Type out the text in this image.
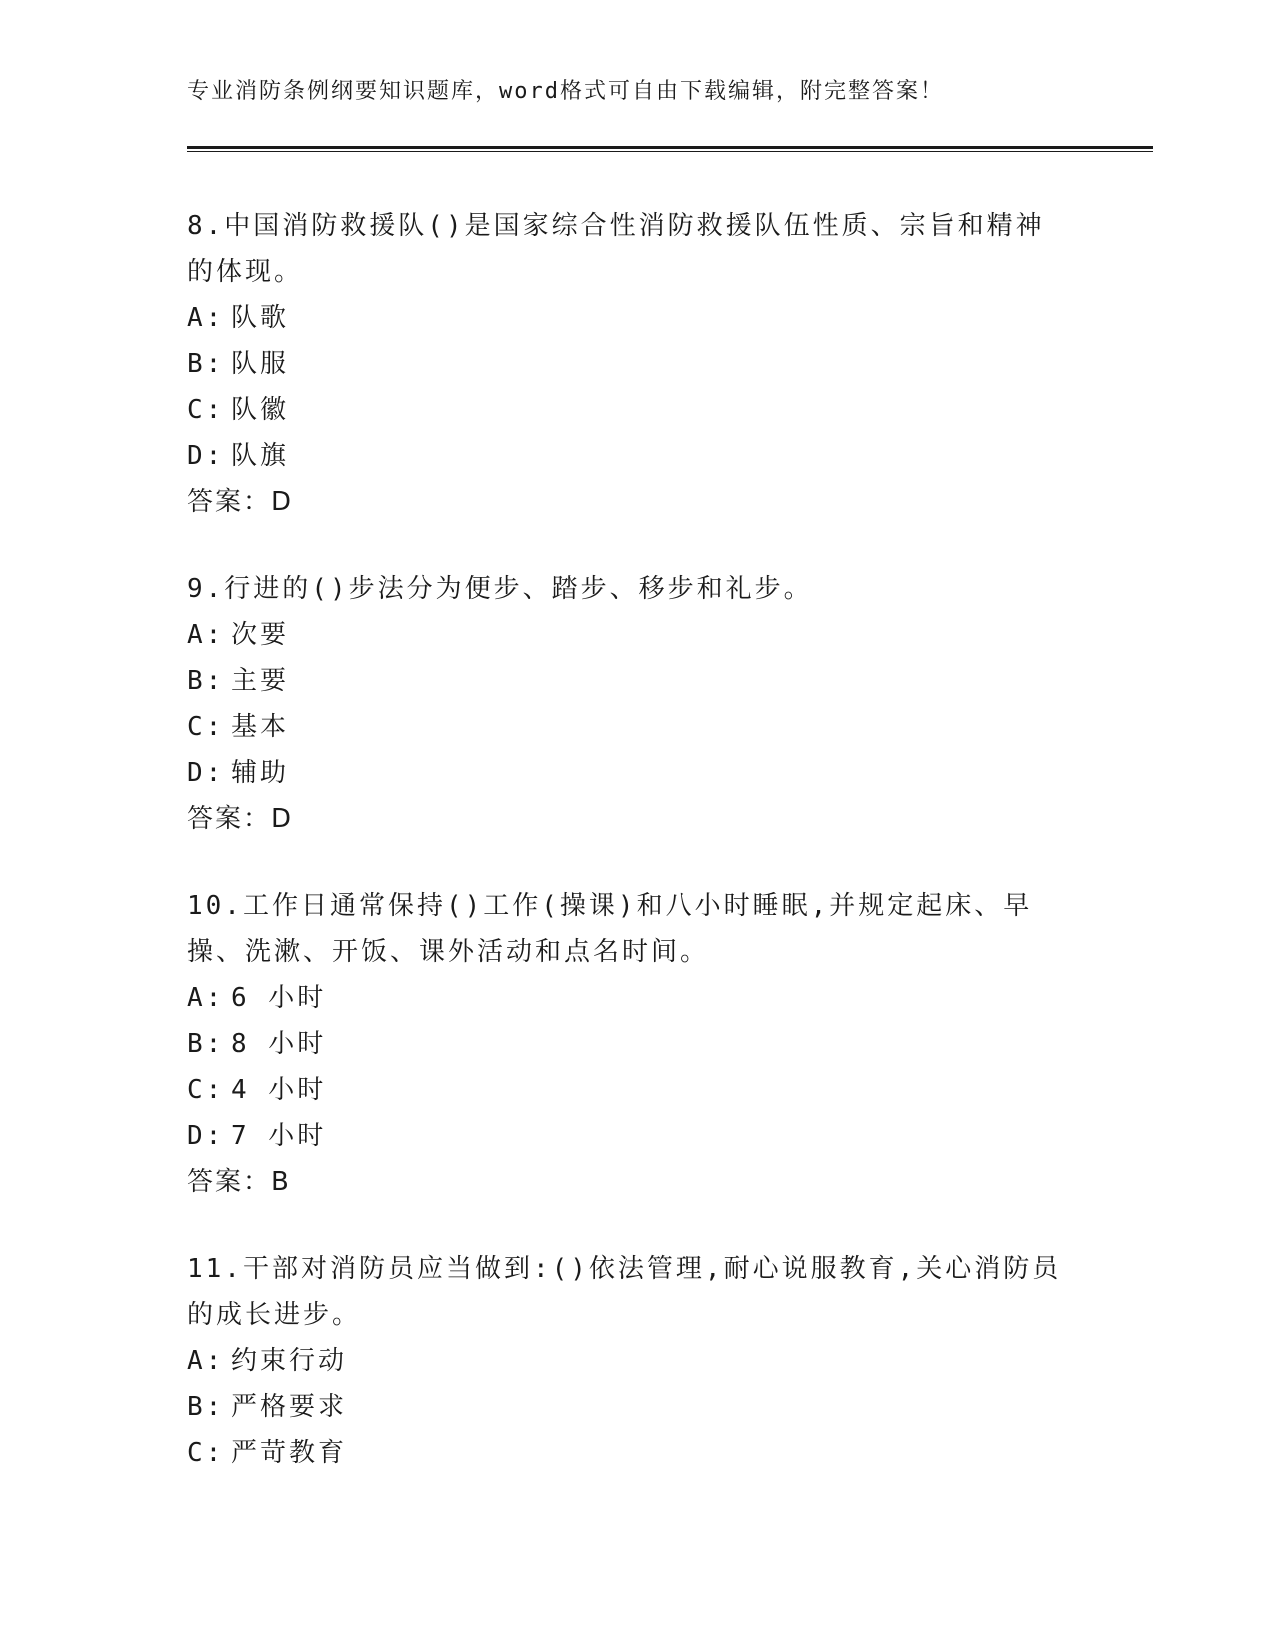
专业消防条例纲要知识题库，word格式可自由下载编辑，附完整答案！
8.中国消防救援队()是国家综合性消防救援队伍性质、宗旨和精神的体现。
A: 队歌
B: 队服
C: 队徽
D: 队旗
答案：D
9.行进的()步法分为便步、踏步、移步和礼步。
A: 次要
B: 主要
C: 基本
D: 辅助
答案：D
10.工作日通常保持()工作(操课)和八小时睡眠,并规定起床、早操、洗漱、开饭、课外活动和点名时间。
A: 6 小时
B: 8 小时
C: 4 小时
D: 7 小时
答案：B
11.干部对消防员应当做到:()依法管理,耐心说服教育,关心消防员的成长进步。
A: 约束行动
B: 严格要求
C: 严苛教育
